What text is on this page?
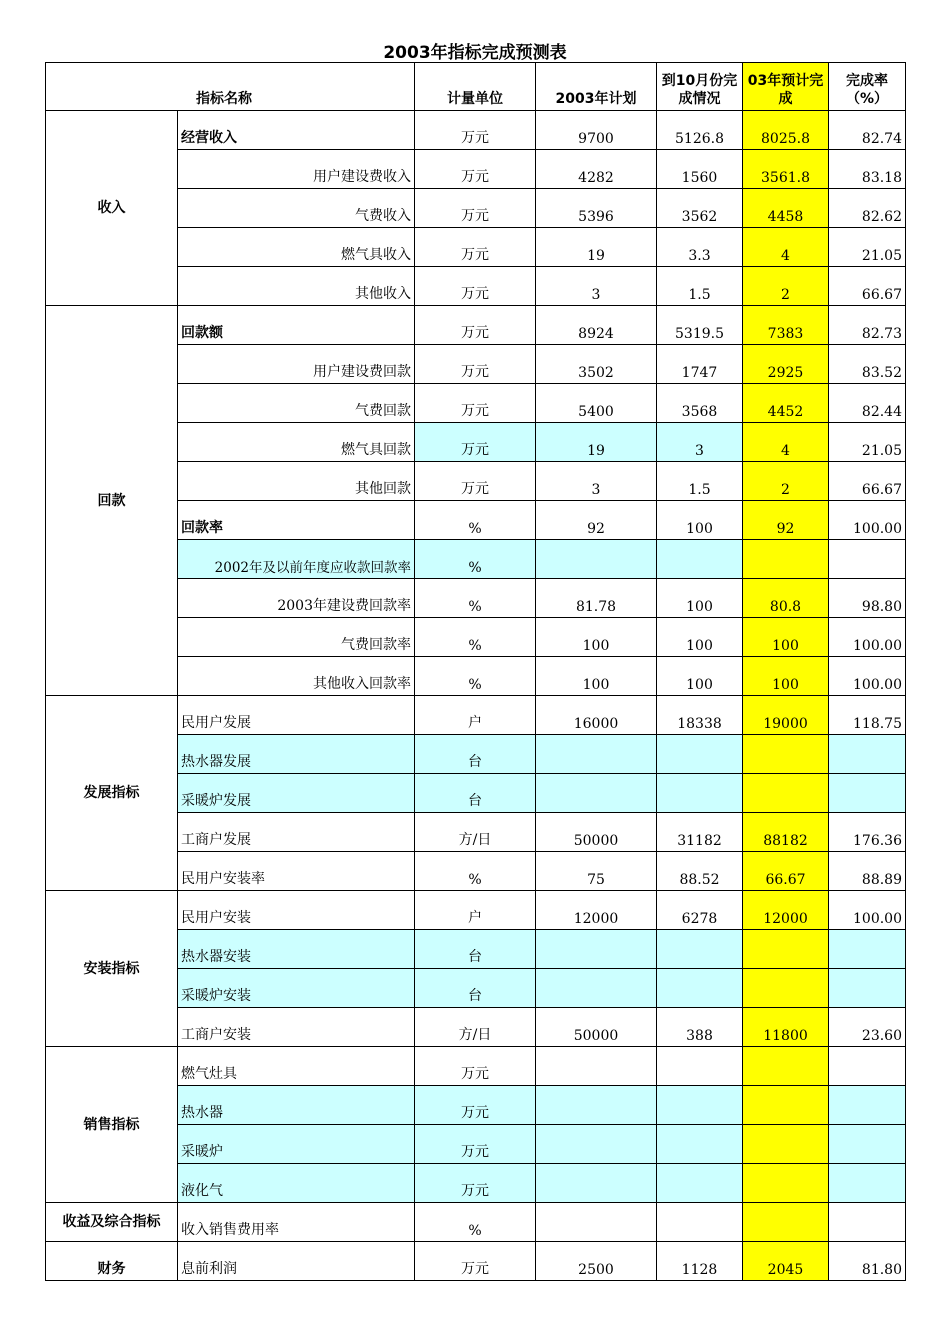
2003年指标完成预测表
指标名称		计量单位	2003年计划	到10月份完成情况	03年预计完成	完成率（%）
收入	经营收入	万元	9700	5126.8	8025.8	82.74
	用户建设费收入	万元	4282	1560	3561.8	83.18
	气费收入	万元	5396	3562	4458	82.62
	燃气具收入	万元	19	3.3	4	21.05
	其他收入	万元	3	1.5	2	66.67
回款	回款额	万元	8924	5319.5	7383	82.73
	用户建设费回款	万元	3502	1747	2925	83.52
	气费回款	万元	5400	3568	4452	82.44
	燃气具回款	万元	19	3	4	21.05
	其他回款	万元	3	1.5	2	66.67
	回款率	%	92	100	92	100.00
	2002年及以前年度应收款回款率	%				
	2003年建设费回款率	%	81.78	100	80.8	98.80
	气费回款率	%	100	100	100	100.00
	其他收入回款率	%	100	100	100	100.00
发展指标	民用户发展	户	16000	18338	19000	118.75
	热水器发展	台				
	采暖炉发展	台				
	工商户发展	方/日	50000	31182	88182	176.36
	民用户安装率	%	75	88.52	66.67	88.89
安装指标	民用户安装	户	12000	6278	12000	100.00
	热水器安装	台				
	采暖炉安装	台				
	工商户安装	方/日	50000	388	11800	23.60
销售指标	燃气灶具	万元				
	热水器	万元				
	采暖炉	万元				
	液化气	万元				
收益及综合指标	收入销售费用率	%				
财务	息前利润	万元	2500	1128	2045	81.80
